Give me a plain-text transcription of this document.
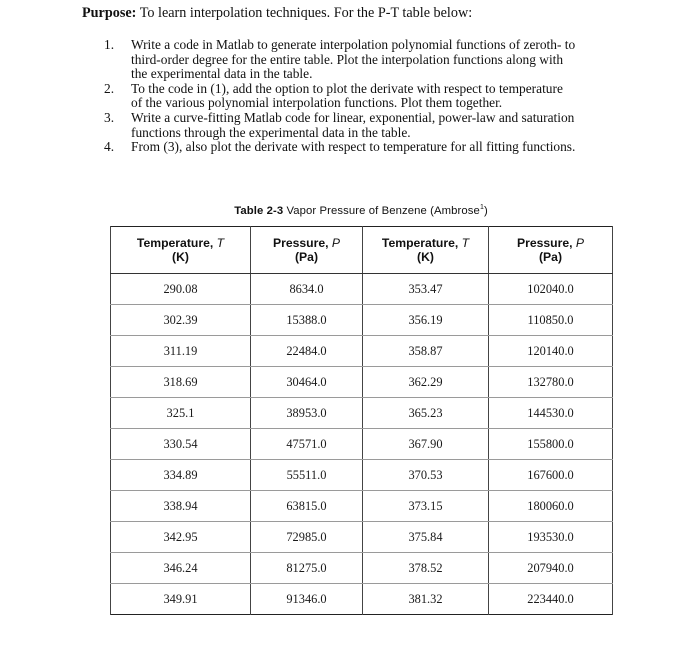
Purpose: To learn interpolation techniques. For the P-T table below:
1. Write a code in Matlab to generate interpolation polynomial functions of zeroth- to
third-order degree for the entire table. Plot the interpolation functions along with
the experimental data in the table.
2. To the code in (1), add the option to plot the derivate with respect to temperature
of the various polynomial interpolation functions. Plot them together.
3. Write a curve-fitting Matlab code for linear, exponential, power-law and saturation
functions through the experimental data in the table.
4. From (3), also plot the derivate with respect to temperature for all fitting functions.
Table 2-3 Vapor Pressure of Benzene (Ambrose$^1$)
Temperature, T
(K)	Pressure, P
(Pa)	Temperature, T
(K)	Pressure, P
(Pa)

290.08	8634.0	353.47	102040.0
302.39	15388.0	356.19	110850.0
311.19	22484.0	358.87	120140.0
318.69	30464.0	362.29	132780.0
325.1	38953.0	365.23	144530.0
330.54	47571.0	367.90	155800.0
334.89	55511.0	370.53	167600.0
338.94	63815.0	373.15	180060.0
342.95	72985.0	375.84	193530.0
346.24	81275.0	378.52	207940.0
349.91	91346.0	381.32	223440.0
